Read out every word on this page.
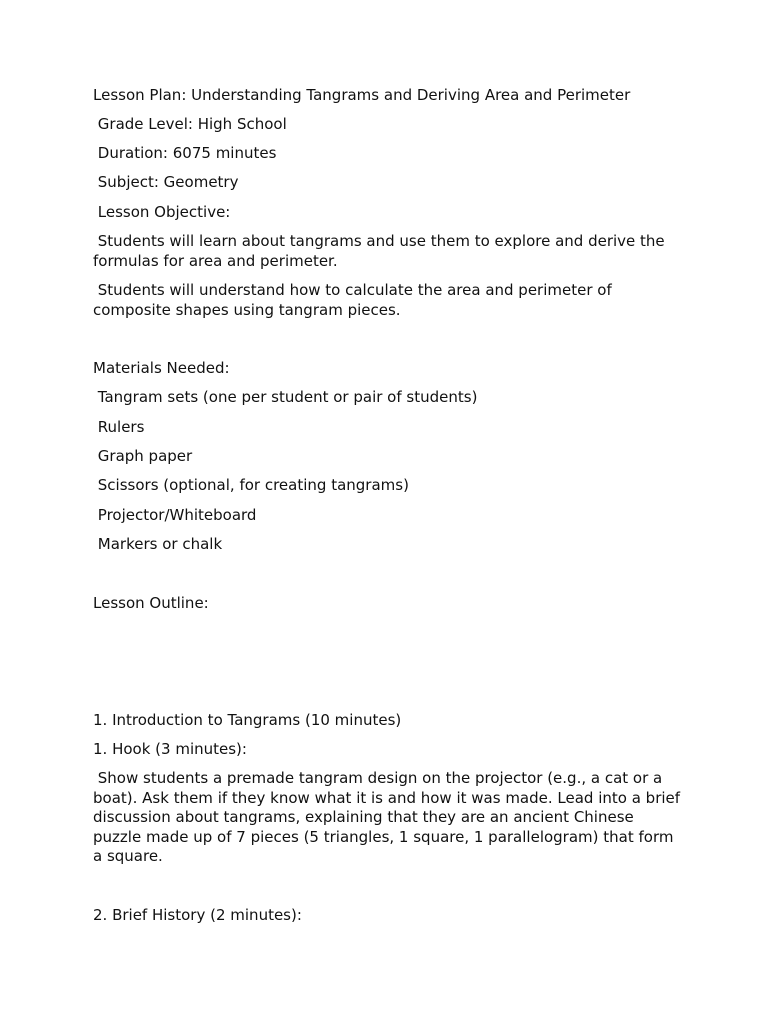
Lesson Plan: Understanding Tangrams and Deriving Area and Perimeter

Grade Level: High School

Duration: 6075 minutes

Subject: Geometry

Lesson Objective:

Students will learn about tangrams and use them to explore and derive the formulas for area and perimeter.

Students will understand how to calculate the area and perimeter of composite shapes using tangram pieces.

Materials Needed:

Tangram sets (one per student or pair of students)

Rulers

Graph paper

Scissors (optional, for creating tangrams)

Projector/Whiteboard

Markers or chalk

Lesson Outline:

1. Introduction to Tangrams (10 minutes)

1. Hook (3 minutes):

Show students a premade tangram design on the projector (e.g., a cat or a boat). Ask them if they know what it is and how it was made. Lead into a brief discussion about tangrams, explaining that they are an ancient Chinese puzzle made up of 7 pieces (5 triangles, 1 square, 1 parallelogram) that form a square.

2. Brief History (2 minutes):
